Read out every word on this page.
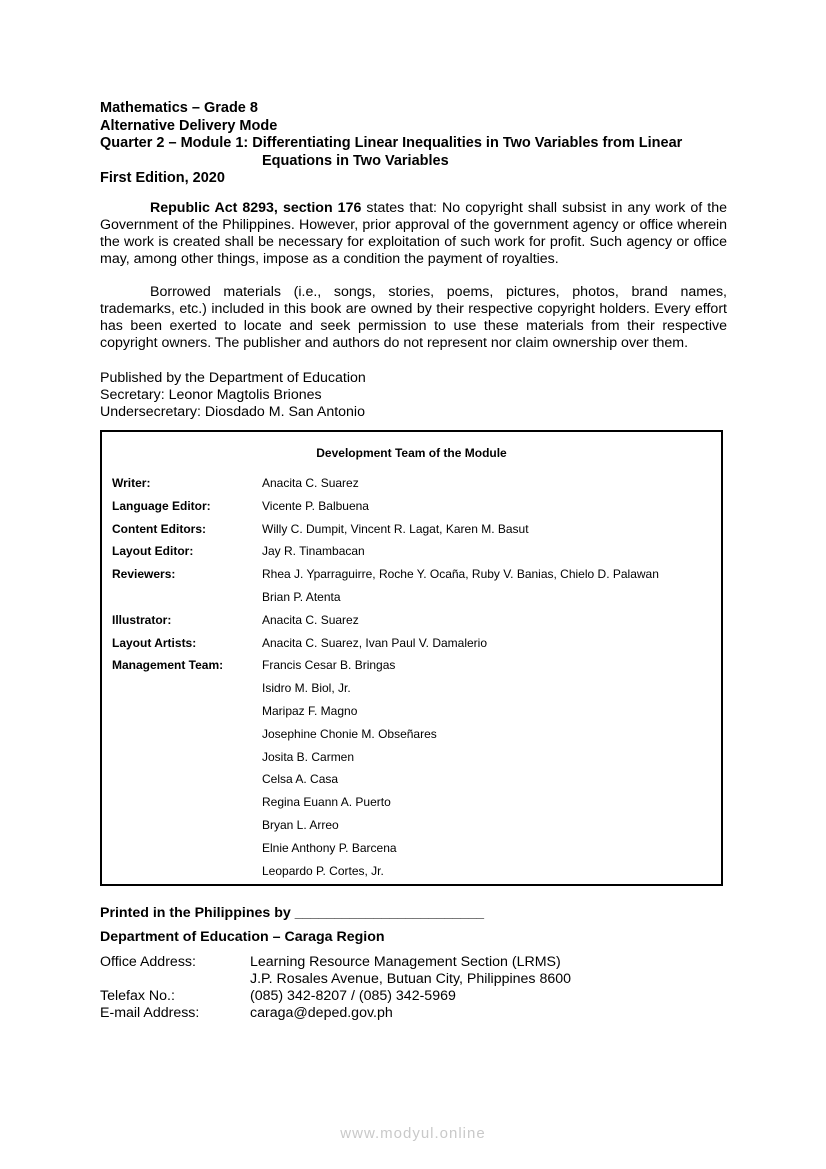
Mathematics – Grade 8
Alternative Delivery Mode
Quarter 2 – Module 1: Differentiating Linear Inequalities in Two Variables from Linear
Equations in Two Variables
First Edition, 2020

Republic Act 8293, section 176 states that: No copyright shall subsist in any work of the Government of the Philippines. However, prior approval of the government agency or office wherein the work is created shall be necessary for exploitation of such work for profit. Such agency or office may, among other things, impose as a condition the payment of royalties.

Borrowed materials (i.e., songs, stories, poems, pictures, photos, brand names, trademarks, etc.) included in this book are owned by their respective copyright holders. Every effort has been exerted to locate and seek permission to use these materials from their respective copyright owners. The publisher and authors do not represent nor claim ownership over them.

Published by the Department of Education
Secretary: Leonor Magtolis Briones
Undersecretary: Diosdado M. San Antonio
Development Team of the Module
Writer:	Anacita C. Suarez
Language Editor:	Vicente P. Balbuena
Content Editors:	Willy C. Dumpit, Vincent R. Lagat, Karen M. Basut
Layout Editor:	Jay R. Tinambacan
Reviewers:	Rhea J. Yparraguirre, Roche Y. Ocaña, Ruby V. Banias, Chielo D. Palawan
Brian P. Atenta
Illustrator:	Anacita C. Suarez
Layout Artists:	Anacita C. Suarez, Ivan Paul V. Damalerio
Management Team:	Francis Cesar B. Bringas
Isidro M. Biol, Jr.
Maripaz F. Magno
Josephine Chonie M. Obseñares
Josita B. Carmen
Celsa A. Casa
Regina Euann A. Puerto
Bryan L. Arreo
Elnie Anthony P. Barcena
Leopardo P. Cortes, Jr.
Printed in the Philippines by ________________________
Department of Education – Caraga Region
Office Address:	Learning Resource Management Section (LRMS)
J.P. Rosales Avenue, Butuan City, Philippines 8600
Telefax No.:	(085) 342-8207 / (085) 342-5969
E-mail Address:	caraga@deped.gov.ph
www.modyul.online
